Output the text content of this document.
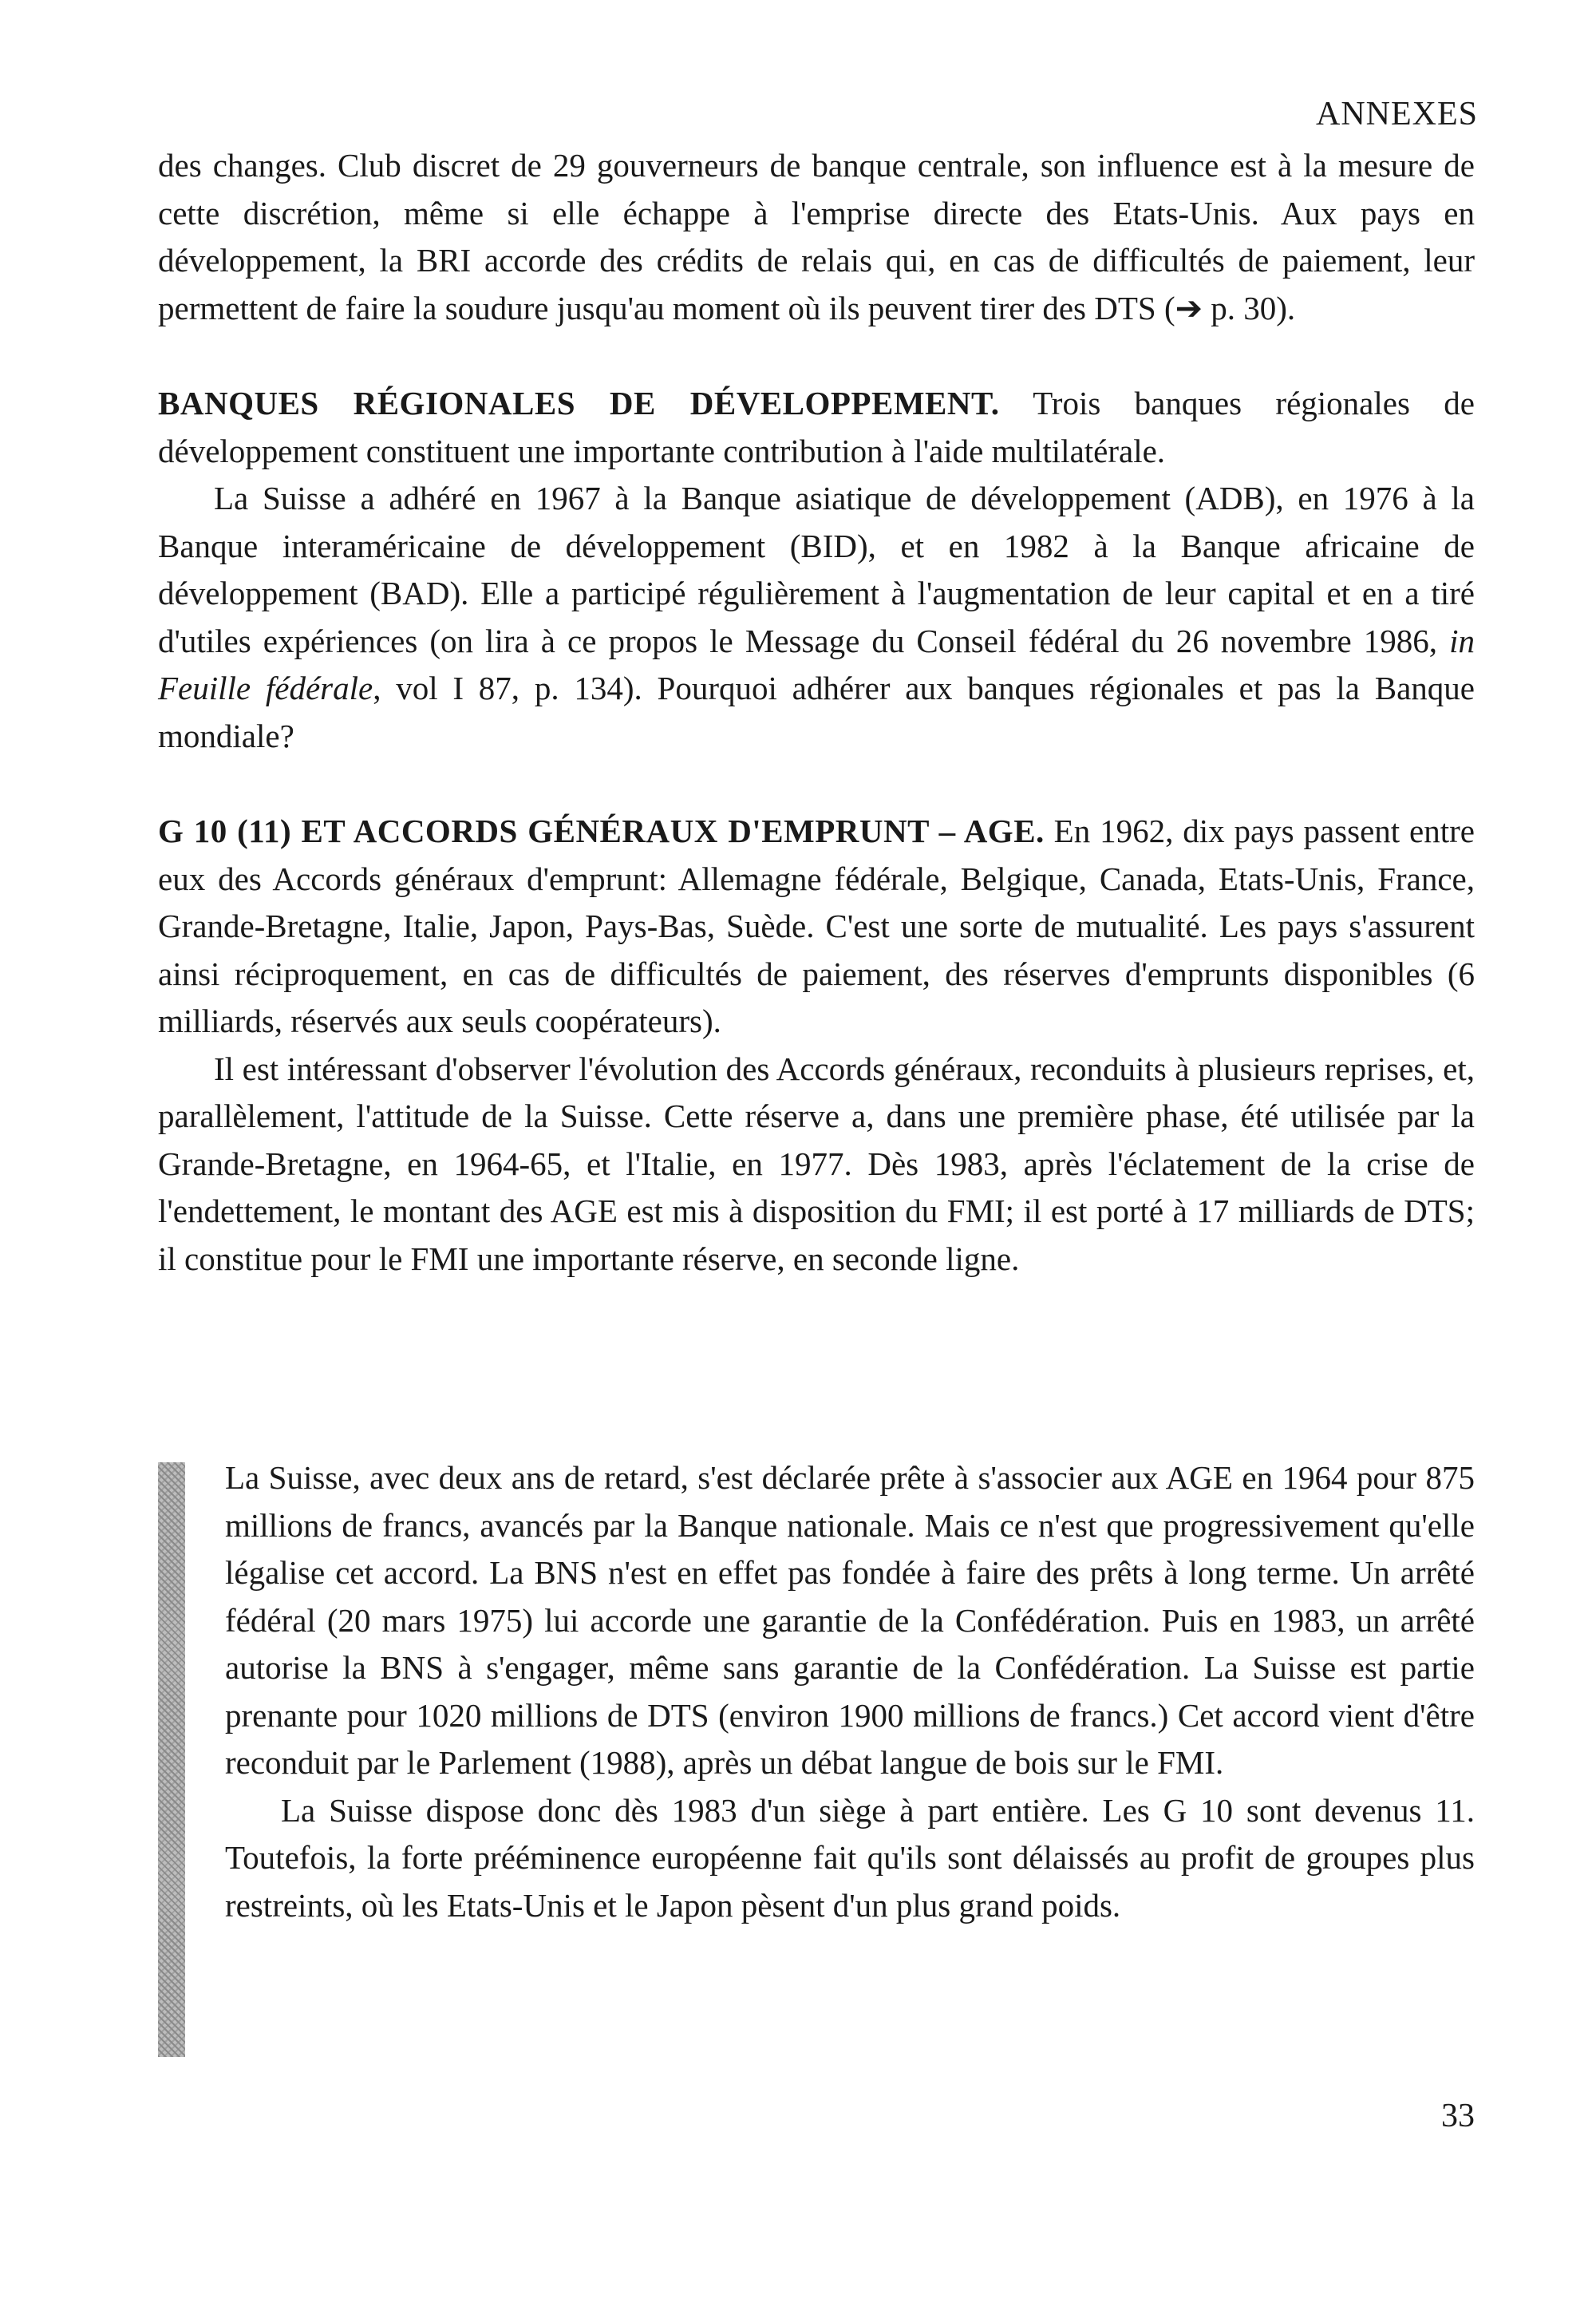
ANNEXES

des changes. Club discret de 29 gouverneurs de banque centrale, son influence est à la mesure de cette discrétion, même si elle échappe à l'emprise directe des Etats-Unis. Aux pays en développement, la BRI accorde des crédits de relais qui, en cas de difficultés de paiement, leur permettent de faire la soudure jusqu'au moment où ils peuvent tirer des DTS (➔ p. 30).

BANQUES RÉGIONALES DE DÉVELOPPEMENT. Trois banques régionales de développement constituent une importante contribution à l'aide multilatérale.

La Suisse a adhéré en 1967 à la Banque asiatique de développement (ADB), en 1976 à la Banque interaméricaine de développement (BID), et en 1982 à la Banque africaine de développement (BAD). Elle a participé régulièrement à l'augmentation de leur capital et en a tiré d'utiles expériences (on lira à ce propos le Message du Conseil fédéral du 26 novembre 1986, in Feuille fédérale, vol I 87, p. 134). Pourquoi adhérer aux banques régionales et pas la Banque mondiale?

G 10 (11) ET ACCORDS GÉNÉRAUX D'EMPRUNT – AGE. En 1962, dix pays passent entre eux des Accords généraux d'emprunt: Allemagne fédérale, Belgique, Canada, Etats-Unis, France, Grande-Bretagne, Italie, Japon, Pays-Bas, Suède. C'est une sorte de mutualité. Les pays s'assurent ainsi réciproquement, en cas de difficultés de paiement, des réserves d'emprunts disponibles (6 milliards, réservés aux seuls coopérateurs).

Il est intéressant d'observer l'évolution des Accords généraux, reconduits à plusieurs reprises, et, parallèlement, l'attitude de la Suisse. Cette réserve a, dans une première phase, été utilisée par la Grande-Bretagne, en 1964-65, et l'Italie, en 1977. Dès 1983, après l'éclatement de la crise de l'endettement, le montant des AGE est mis à disposition du FMI; il est porté à 17 milliards de DTS; il constitue pour le FMI une importante réserve, en seconde ligne.

La Suisse, avec deux ans de retard, s'est déclarée prête à s'associer aux AGE en 1964 pour 875 millions de francs, avancés par la Banque nationale. Mais ce n'est que progressivement qu'elle légalise cet accord. La BNS n'est en effet pas fondée à faire des prêts à long terme. Un arrêté fédéral (20 mars 1975) lui accorde une garantie de la Confédération. Puis en 1983, un arrêté autorise la BNS à s'engager, même sans garantie de la Confédération. La Suisse est partie prenante pour 1020 millions de DTS (environ 1900 millions de francs.) Cet accord vient d'être reconduit par le Parlement (1988), après un débat langue de bois sur le FMI.

La Suisse dispose donc dès 1983 d'un siège à part entière. Les G 10 sont devenus 11. Toutefois, la forte prééminence européenne fait qu'ils sont délaissés au profit de groupes plus restreints, où les Etats-Unis et le Japon pèsent d'un plus grand poids.

33
